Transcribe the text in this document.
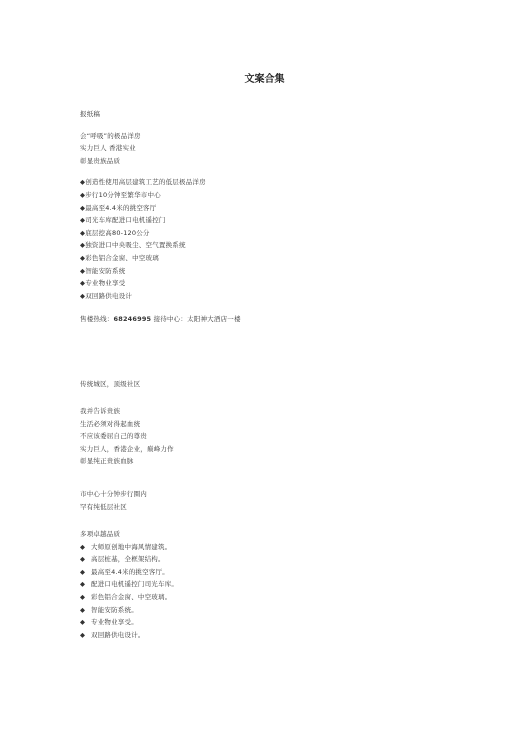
文案合集
报纸稿
会“呼吸”的极品洋房
实力巨人 香港实业
彰显贵族品质
◆创造性使用高层建筑工艺的低层极品洋房
◆步行10分钟至繁华市中心
◆最高至4.4米的挑空客厅
◆司光车库配进口电机遥控门
◆底层挖高80-120公分
◆独资进口中央吸尘、空气置换系统
◆彩色铝合金窗、中空玻璃
◆智能安防系统
◆专业物业享受
◆双回路供电设计
售楼热线：68246995 接待中心：太阳神大酒店一楼
传统城区，顶级社区
我并告诉贵族
生活必须对得起血统
不应该委屈自己的尊贵
实力巨人，香港企业，巅峰力作
彰显纯正贵族血脉
市中心十分钟步行圈内
罕有纯低层社区
多项卓越品质
◆ 大师原创地中海风情建筑。
◆ 高层桩基，全框架结构。
◆ 最高至4.4米的挑空客厅。
◆ 配进口电机遥控门司光车库。
◆ 彩色铝合金窗、中空玻璃。
◆ 智能安防系统。
◆ 专业物业享受。
◆ 双回路供电设计。
